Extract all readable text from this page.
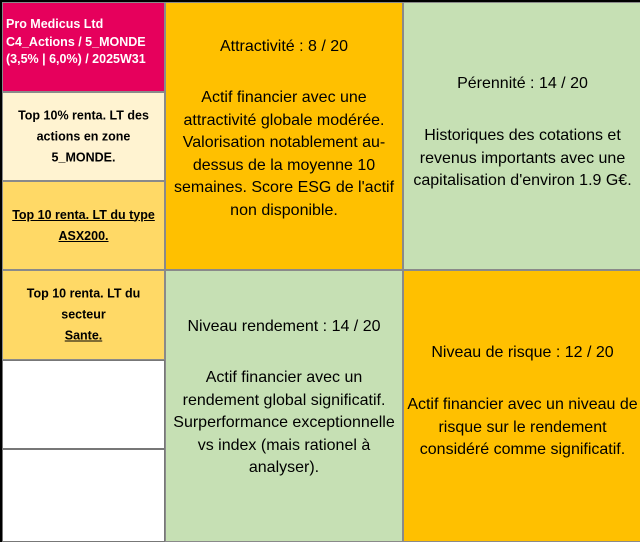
Pro Medicus Ltd
C4_Actions / 5_MONDE
(3,5% | 6,0%) / 2025W31
Top 10% renta. LT des
actions en zone 5_MONDE.
Top 10 renta. LT du type
ASX200.
Top 10 renta. LT du secteur
Sante.
Attractivité : 8 / 20
Actif financier avec une
attractivité globale modérée.
Valorisation notablement au-
dessus de la moyenne 10
semaines. Score ESG de l'actif
non disponible.
Pérennité : 14 / 20
Historiques des cotations et
revenus importants avec une
capitalisation d'environ 1.9 G€.
Niveau rendement : 14 / 20
Actif financier avec un
rendement global significatif.
Surperformance exceptionnelle
vs index (mais rationel à
analyser).
Niveau de risque : 12 / 20
Actif financier avec un niveau de
risque sur le rendement
considéré comme significatif.
